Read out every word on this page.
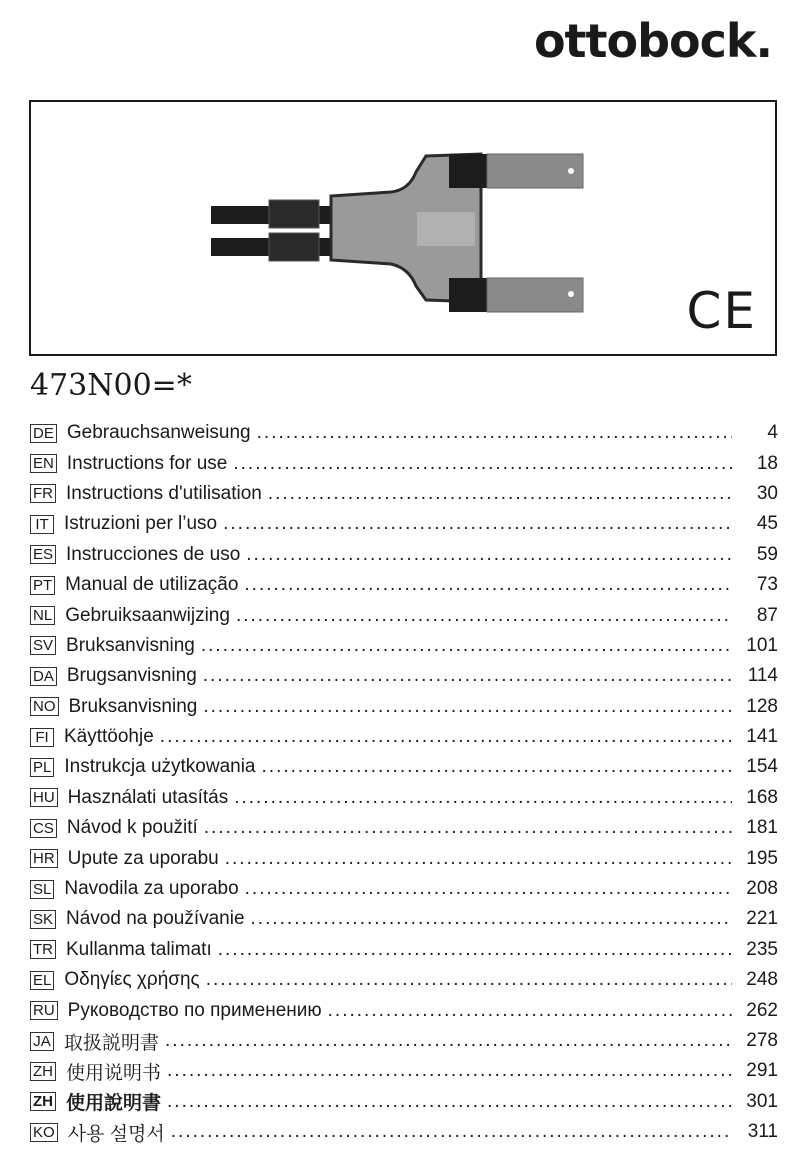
ottobock.
CE
473N00=*
DE Gebrauchsanweisung .....	4
EN Instructions for use .....	18
FR Instructions d'utilisation .....	30
IT Istruzioni per l’uso .....	45
ES Instrucciones de uso .....	59
PT Manual de utilização .....	73
NL Gebruiksaanwijzing .....	87
SV Bruksanvisning .....	101
DA Brugsanvisning .....	114
NO Bruksanvisning .....	128
FI Käyttöohje .....	141
PL Instrukcja użytkowania .....	154
HU Használati utasítás .....	168
CS Návod k použití .....	181
HR Upute za uporabu .....	195
SL Navodila za uporabo .....	208
SK Návod na používanie .....	221
TR Kullanma talimatı .....	235
EL Οδηγίες χρήσης .....	248
RU Руководство по применению .....	262
JA 取扱説明書 .....	278
ZH 使用说明书 .....	291
ZH 使用說明書 .....	301
KO 사용 설명서 .....	311
